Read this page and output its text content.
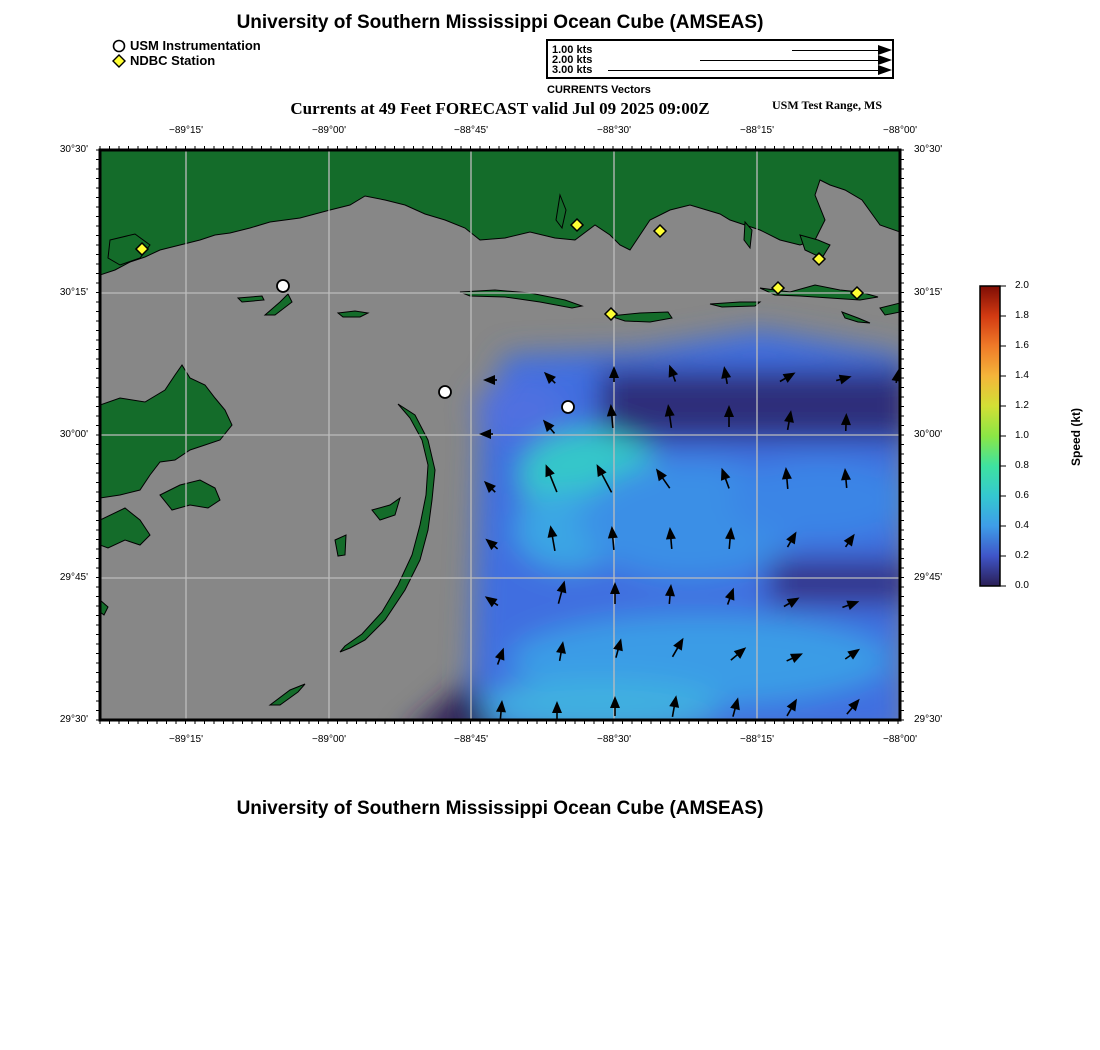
University of Southern Mississippi Ocean Cube (AMSEAS)
USM Instrumentation
NDBC Station
1.00 kts
2.00 kts
3.00 kts
CURRENTS Vectors
Currents at 49 Feet FORECAST valid Jul 09 2025 09:00Z	USM Test Range, MS
−89°15'
−89°15'
−89°00'
−89°00'
−88°45'
−88°45'
−88°30'
−88°30'
−88°15'
−88°15'
−88°00'
−88°00'
30°30'	30°30'
30°15'	30°15'
30°00'	30°00'
29°45'	29°45'
29°30'	29°30'
2.0
1.8
1.6
1.4
1.2
1.0
0.8
0.6
0.4
0.2
0.0
Speed (kt)
University of Southern Mississippi Ocean Cube (AMSEAS)
